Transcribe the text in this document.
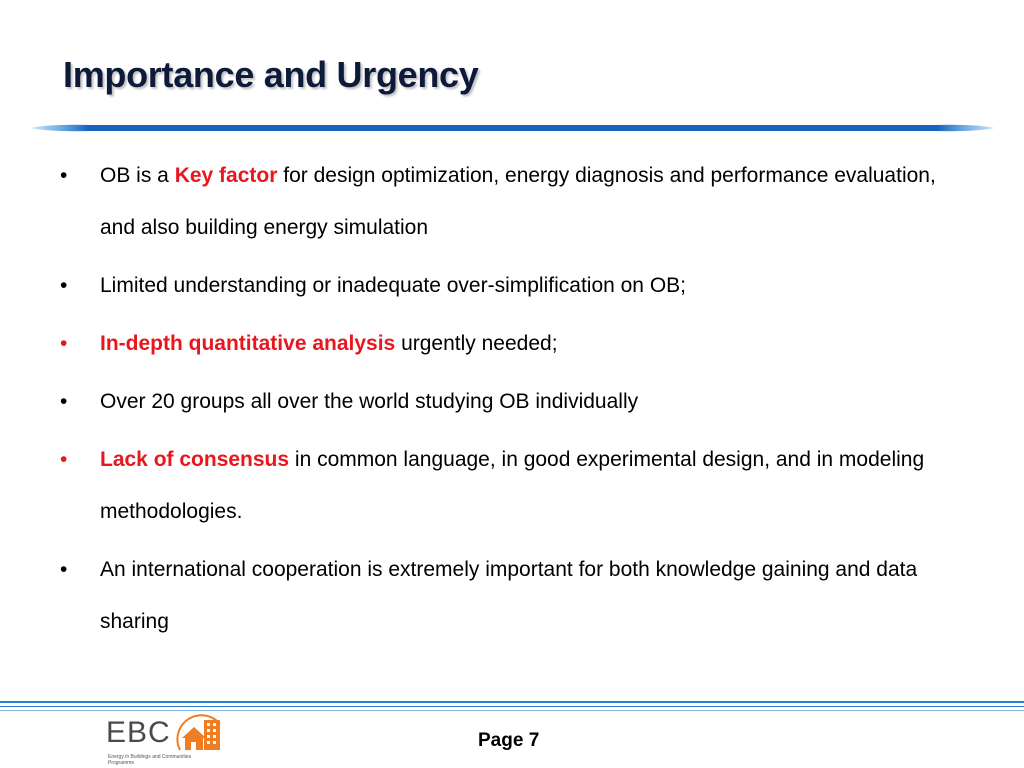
Importance and Urgency
•	OB is a Key factor for design optimization, energy diagnosis and performance evaluation, and also building energy simulation
•	Limited understanding or inadequate over-simplification on OB;
•	In-depth quantitative analysis urgently needed;
•	Over 20 groups all over the world studying OB individually
•	Lack of consensus in common language, in good experimental design, and in modeling methodologies.
•	An international cooperation is extremely important for both knowledge gaining and data sharing
EBC
Energy in Buildings and Communities Programme
Page 7
